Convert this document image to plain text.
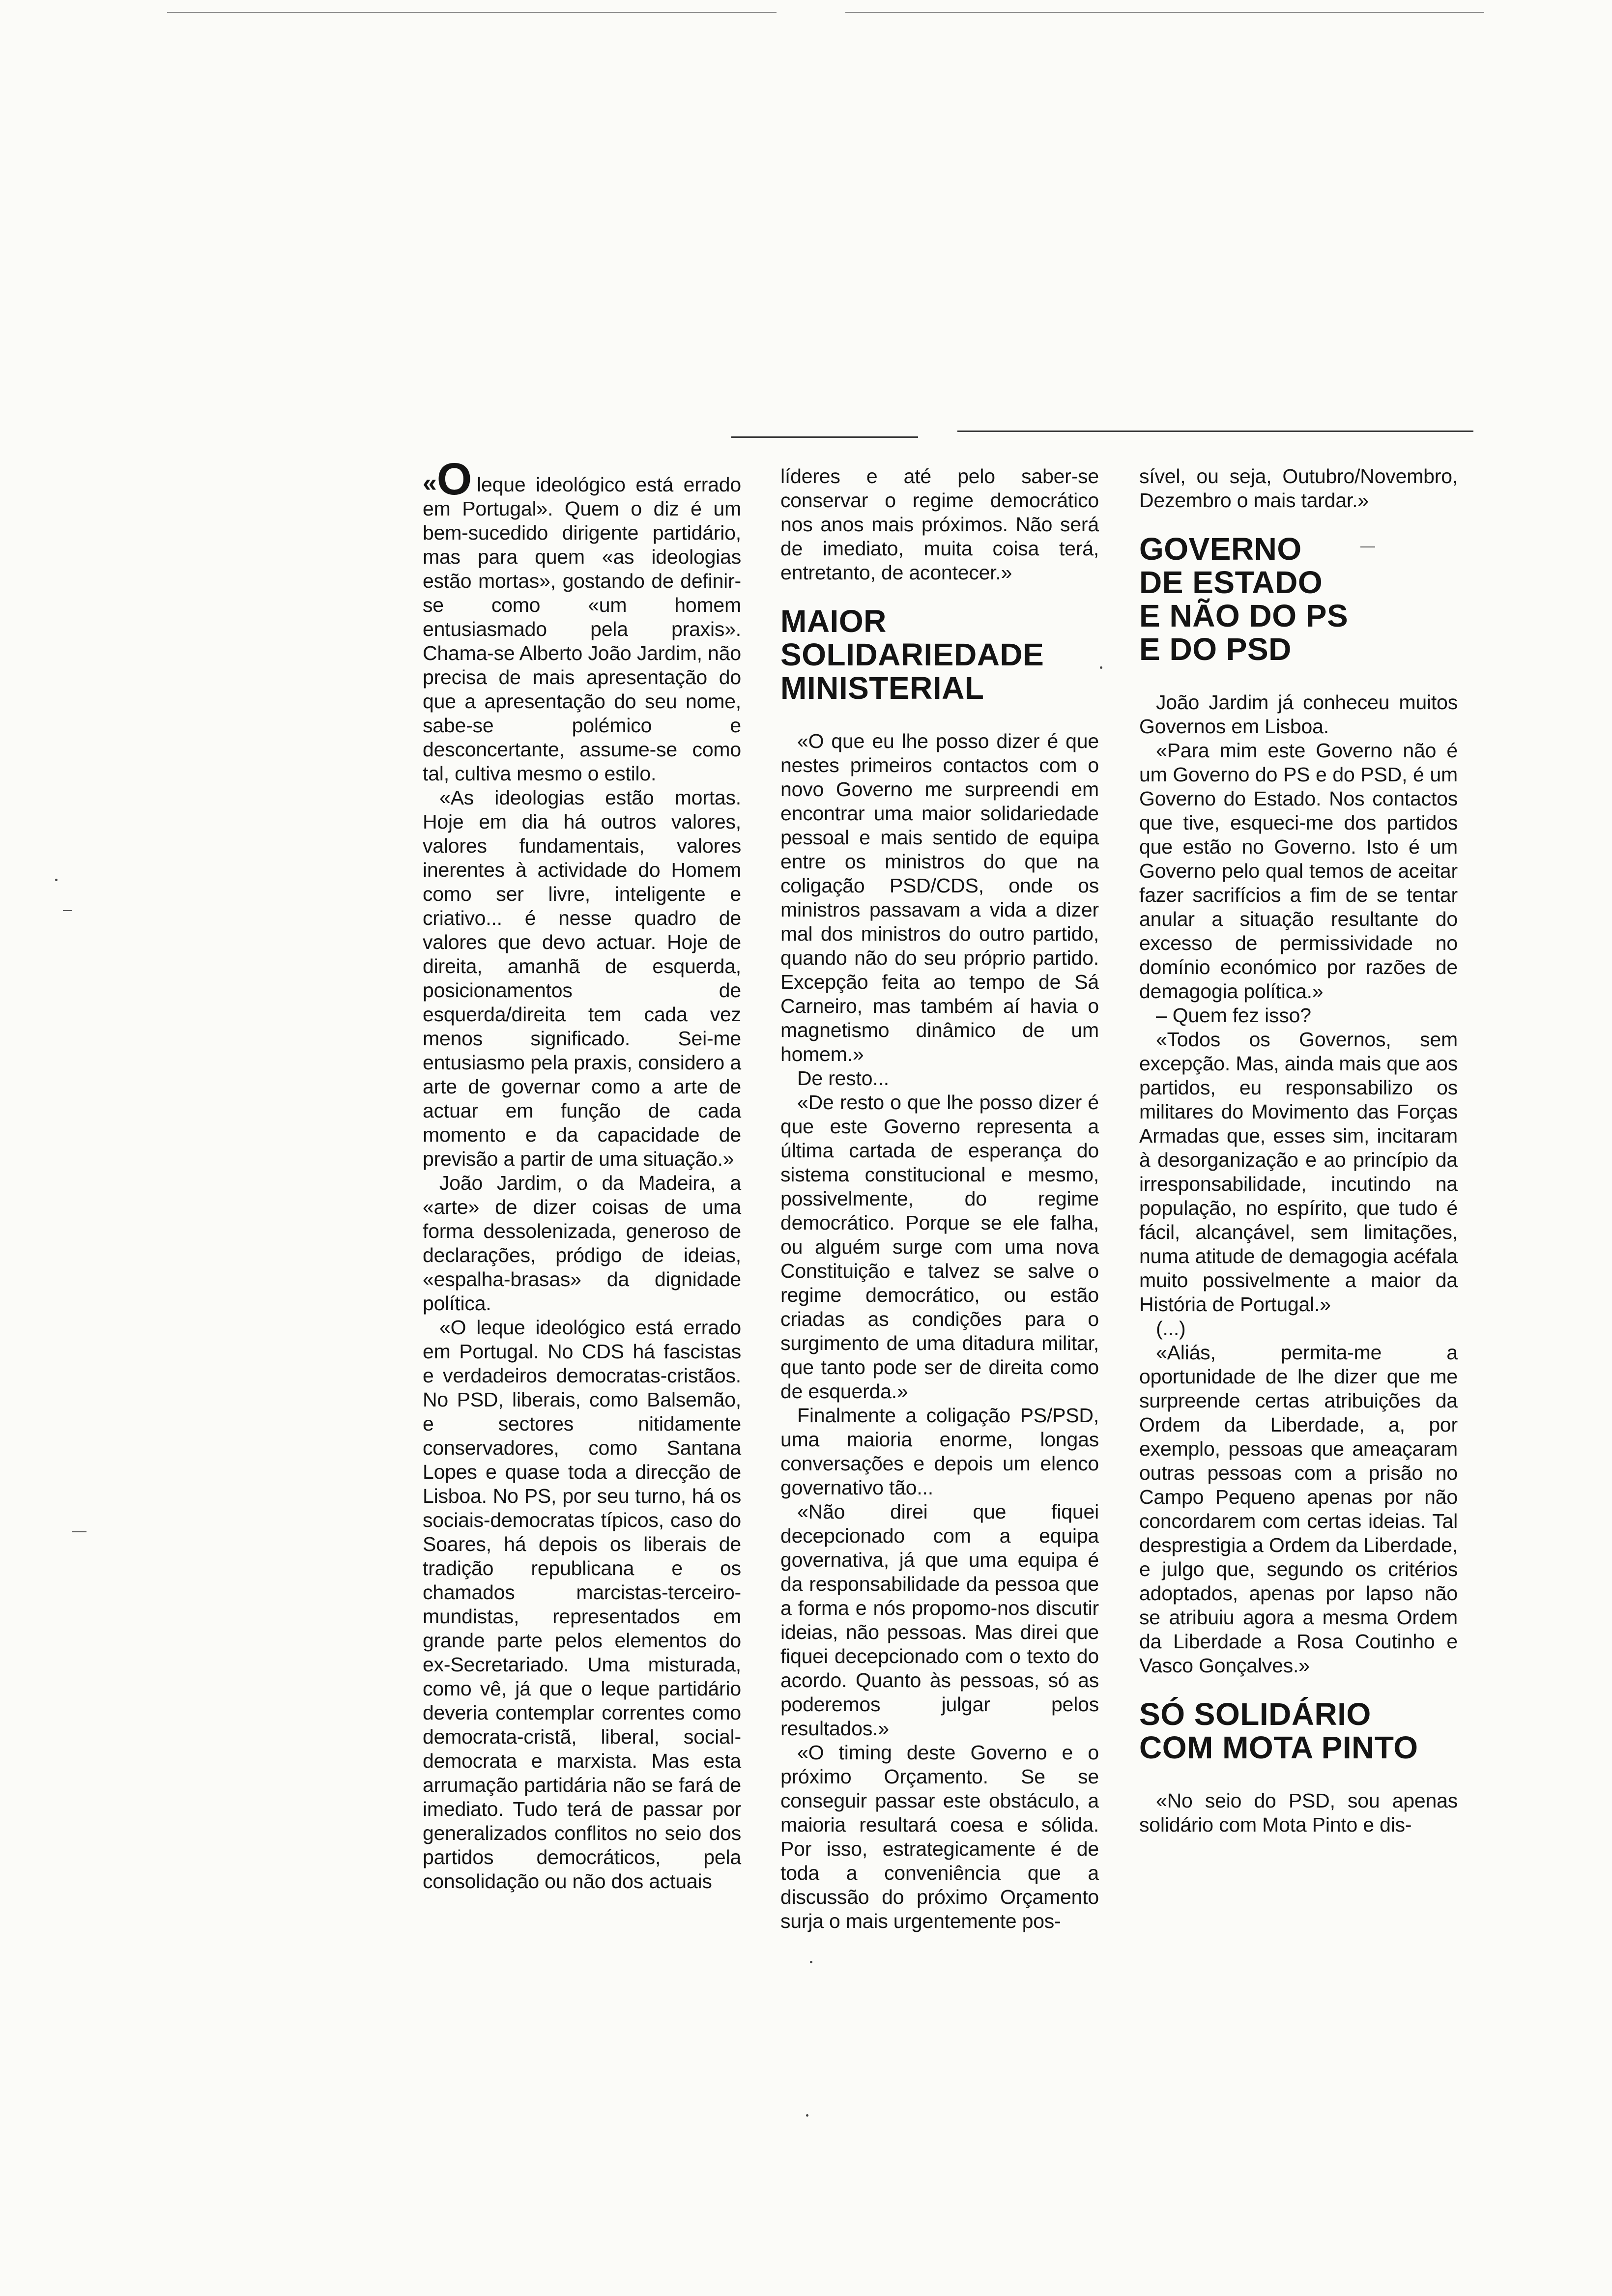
«O leque ideológico está errado em Portugal». Quem o diz é um bem-sucedido dirigente partidário, mas para quem «as ideologias estão mortas», gostando de definir-se como «um homem entusiasmado pela praxis». Chama-se Alberto João Jardim, não precisa de mais apresentação do que a apresentação do seu nome, sabe-se polémico e desconcertante, assume-se como tal, cultiva mesmo o estilo.

«As ideologias estão mortas. Hoje em dia há outros valores, valores fundamentais, valores inerentes à actividade do Homem como ser livre, inteligente e criativo... é nesse quadro de valores que devo actuar. Hoje de direita, amanhã de esquerda, posicionamentos de esquerda/direita tem cada vez menos significado. Sei-me entusiasmo pela praxis, considero a arte de governar como a arte de actuar em função de cada momento e da capacidade de previsão a partir de uma situação.»

João Jardim, o da Madeira, a «arte» de dizer coisas de uma forma dessolenizada, generoso de declarações, pródigo de ideias, «espalha-brasas» da dignidade política.

«O leque ideológico está errado em Portugal. No CDS há fascistas e verdadeiros democratas-cristãos. No PSD, liberais, como Balsemão, e sectores nitidamente conservadores, como Santana Lopes e quase toda a direcção de Lisboa. No PS, por seu turno, há os sociais-democratas típicos, caso do Soares, há depois os liberais de tradição republicana e os chamados marcistas-terceiro-mundistas, representados em grande parte pelos elementos do ex-Secretariado. Uma misturada, como vê, já que o leque partidário deveria contemplar correntes como democrata-cristã, liberal, social-democrata e marxista. Mas esta arrumação partidária não se fará de imediato. Tudo terá de passar por generalizados conflitos no seio dos partidos democráticos, pela consolidação ou não dos actuais

líderes e até pelo saber-se conservar o regime democrático nos anos mais próximos. Não será de imediato, muita coisa terá, entretanto, de acontecer.»

MAIOR
SOLIDARIEDADE
MINISTERIAL

«O que eu lhe posso dizer é que nestes primeiros contactos com o novo Governo me surpreendi em encontrar uma maior solidariedade pessoal e mais sentido de equipa entre os ministros do que na coligação PSD/CDS, onde os ministros passavam a vida a dizer mal dos ministros do outro partido, quando não do seu próprio partido. Excepção feita ao tempo de Sá Carneiro, mas também aí havia o magnetismo dinâmico de um homem.»

De resto...

«De resto o que lhe posso dizer é que este Governo representa a última cartada de esperança do sistema constitucional e mesmo, possivelmente, do regime democrático. Porque se ele falha, ou alguém surge com uma nova Constituição e talvez se salve o regime democrático, ou estão criadas as condições para o surgimento de uma ditadura militar, que tanto pode ser de direita como de esquerda.»

Finalmente a coligação PS/PSD, uma maioria enorme, longas conversações e depois um elenco governativo tão...

«Não direi que fiquei decepcionado com a equipa governativa, já que uma equipa é da responsabilidade da pessoa que a forma e nós propomo-nos discutir ideias, não pessoas. Mas direi que fiquei decepcionado com o texto do acordo. Quanto às pessoas, só as poderemos julgar pelos resultados.»

«O timing deste Governo e o próximo Orçamento. Se se conseguir passar este obstáculo, a maioria resultará coesa e sólida. Por isso, estrategicamente é de toda a conveniência que a discussão do próximo Orçamento surja o mais urgentemente pos-

sível, ou seja, Outubro/Novembro, Dezembro o mais tardar.»

GOVERNO
DE ESTADO
E NÃO DO PS
E DO PSD

João Jardim já conheceu muitos Governos em Lisboa.

«Para mim este Governo não é um Governo do PS e do PSD, é um Governo do Estado. Nos contactos que tive, esqueci-me dos partidos que estão no Governo. Isto é um Governo pelo qual temos de aceitar fazer sacrifícios a fim de se tentar anular a situação resultante do excesso de permissividade no domínio económico por razões de demagogia política.»

– Quem fez isso?

«Todos os Governos, sem excepção. Mas, ainda mais que aos partidos, eu responsabilizo os militares do Movimento das Forças Armadas que, esses sim, incitaram à desorganização e ao princípio da irresponsabilidade, incutindo na população, no espírito, que tudo é fácil, alcançável, sem limitações, numa atitude de demagogia acéfala muito possivelmente a maior da História de Portugal.»

(...)

«Aliás, permita-me a oportunidade de lhe dizer que me surpreende certas atribuições da Ordem da Liberdade, a, por exemplo, pessoas que ameaçaram outras pessoas com a prisão no Campo Pequeno apenas por não concordarem com certas ideias. Tal desprestigia a Ordem da Liberdade, e julgo que, segundo os critérios adoptados, apenas por lapso não se atribuiu agora a mesma Ordem da Liberdade a Rosa Coutinho e Vasco Gonçalves.»

SÓ SOLIDÁRIO
COM MOTA PINTO

«No seio do PSD, sou apenas solidário com Mota Pinto e dis-
